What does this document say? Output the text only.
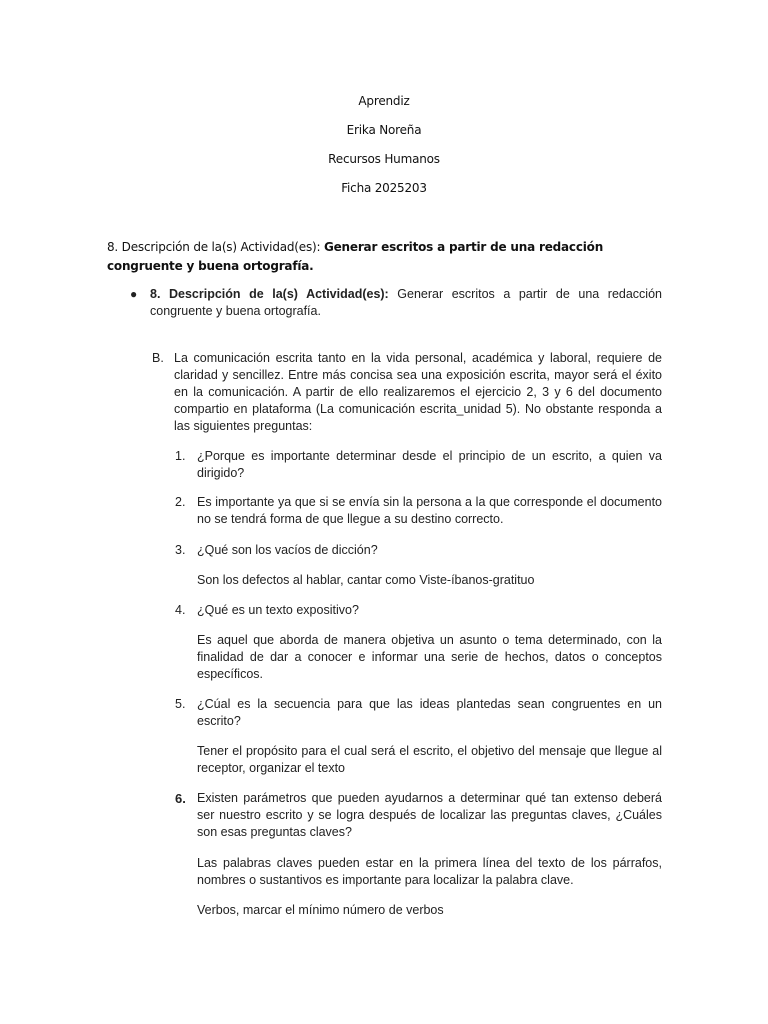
Aprendiz
Erika Noreña
Recursos Humanos
Ficha 2025203
8. Descripción de la(s) Actividad(es): Generar escritos a partir de una redacción congruente y buena ortografía.
● 8. Descripción de la(s) Actividad(es): Generar escritos a partir de una redacción congruente y buena ortografía.
B. La comunicación escrita tanto en la vida personal, académica y laboral, requiere de claridad y sencillez. Entre más concisa sea una exposición escrita, mayor será el éxito en la comunicación. A partir de ello realizaremos el ejercicio 2, 3 y 6 del documento compartio en plataforma (La comunicación escrita_unidad 5). No obstante responda a las siguientes preguntas:
1. ¿Porque es importante determinar desde el principio de un escrito, a quien va dirigido?
2. Es importante ya que si se envía sin la persona a la que corresponde el documento no se tendrá forma de que llegue a su destino correcto.
3. ¿Qué son los vacíos de dicción?
Son los defectos al hablar, cantar como Viste-íbanos-gratituo
4. ¿Qué es un texto expositivo?
Es aquel que aborda de manera objetiva un asunto o tema determinado, con la finalidad de dar a conocer e informar una serie de hechos, datos o conceptos específicos.
5. ¿Cúal es la secuencia para que las ideas plantedas sean congruentes en un escrito?
Tener el propósito para el cual será el escrito, el objetivo del mensaje que llegue al receptor, organizar el texto
6. Existen parámetros que pueden ayudarnos a determinar qué tan extenso deberá ser nuestro escrito y se logra después de localizar las preguntas claves, ¿Cuáles son esas preguntas claves?
Las palabras claves pueden estar en la primera línea del texto de los párrafos, nombres o sustantivos es importante para localizar la palabra clave.
Verbos, marcar el mínimo número de verbos
